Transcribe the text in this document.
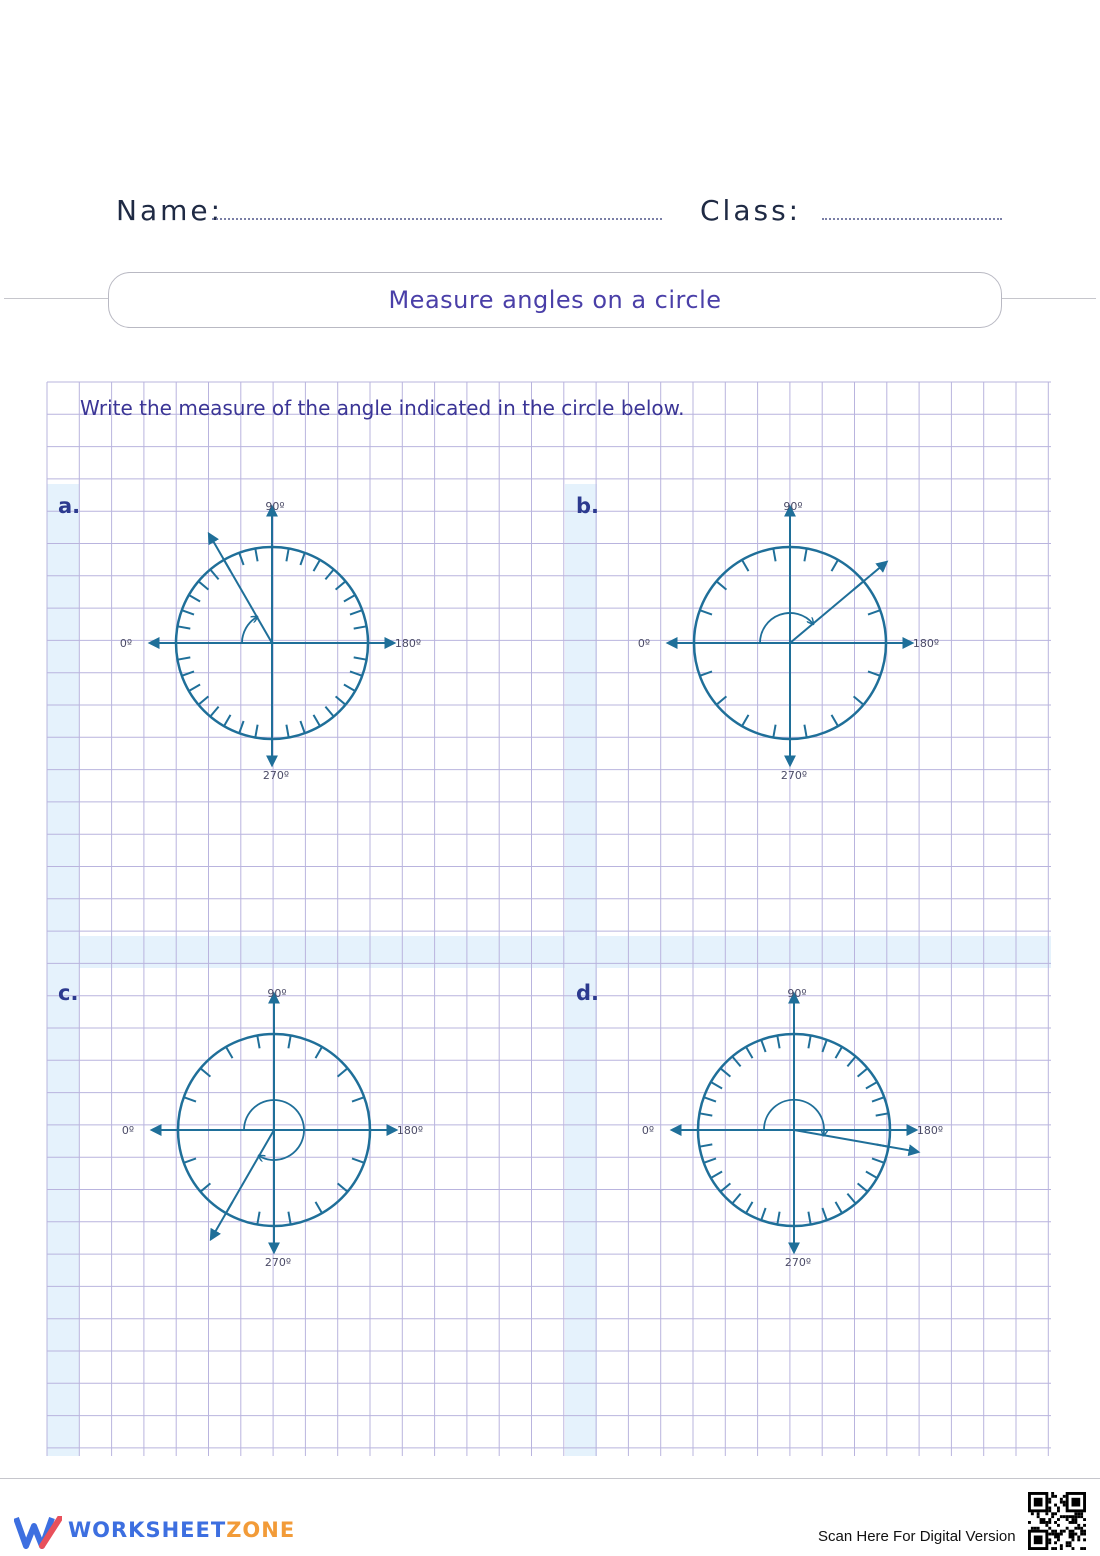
Name:	Class:
Measure angles on a circle
Write the measure of the angle indicated in the circle below.
a.	b.
c.	d.
90º
0º	180º
270º
90º
0º	180º
270º
90º
0º	180º
270º
90º
0º	180º
270º
WORKSHEETZONE	Scan Here For Digital Version
